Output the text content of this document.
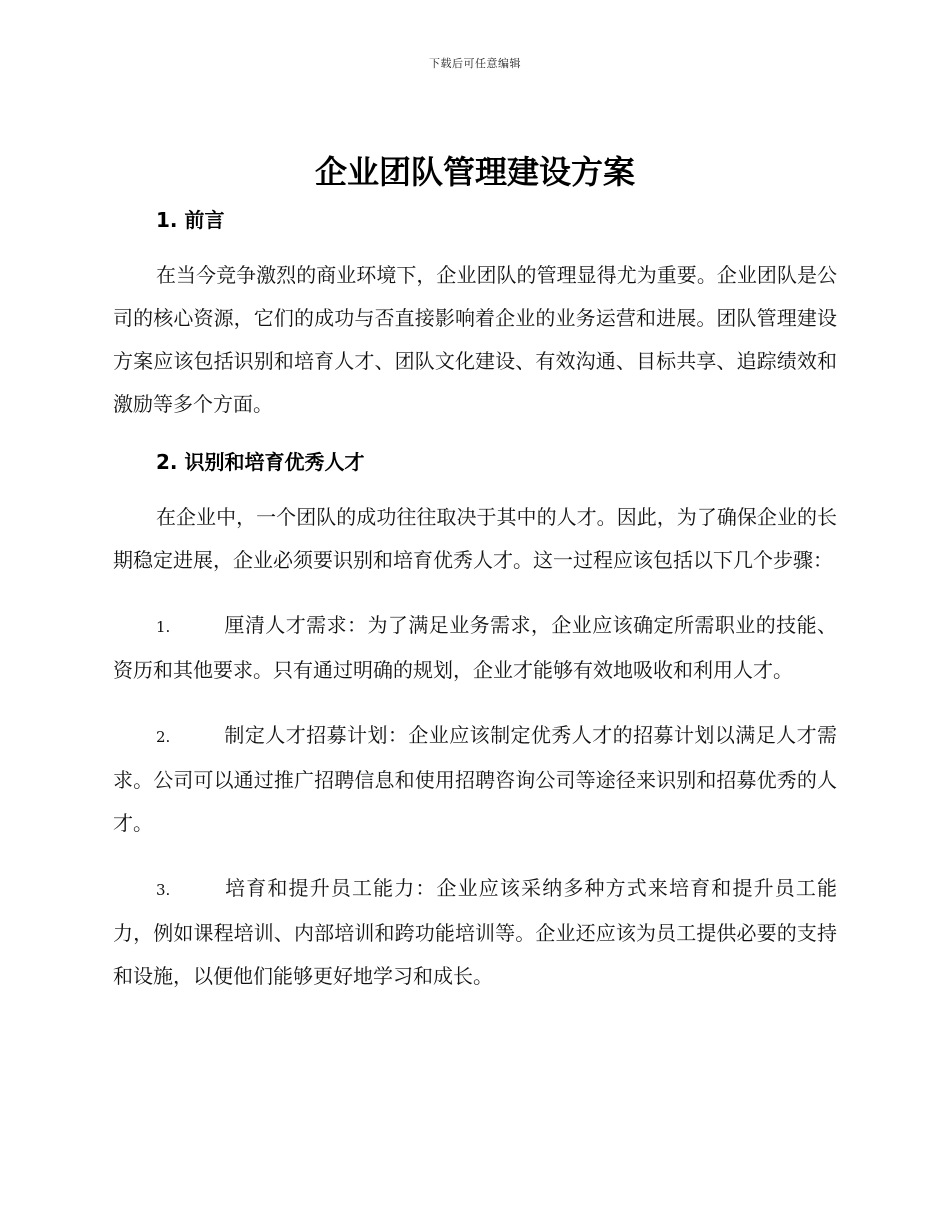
下载后可任意编辑
企业团队管理建设方案
1. 前言

在当今竞争激烈的商业环境下，企业团队的管理显得尤为重要。企业团队是公司的核心资源，它们的成功与否直接影响着企业的业务运营和进展。团队管理建设方案应该包括识别和培育人才、团队文化建设、有效沟通、目标共享、追踪绩效和激励等多个方面。

2. 识别和培育优秀人才

在企业中，一个团队的成功往往取决于其中的人才。因此，为了确保企业的长期稳定进展，企业必须要识别和培育优秀人才。这一过程应该包括以下几个步骤：

1.	厘清人才需求：为了满足业务需求，企业应该确定所需职业的技能、资历和其他要求。只有通过明确的规划，企业才能够有效地吸收和利用人才。

2.	制定人才招募计划：企业应该制定优秀人才的招募计划以满足人才需求。公司可以通过推广招聘信息和使用招聘咨询公司等途径来识别和招募优秀的人才。

3.	培育和提升员工能力：企业应该采纳多种方式来培育和提升员工能力，例如课程培训、内部培训和跨功能培训等。企业还应该为员工提供必要的支持和设施，以便他们能够更好地学习和成长。
